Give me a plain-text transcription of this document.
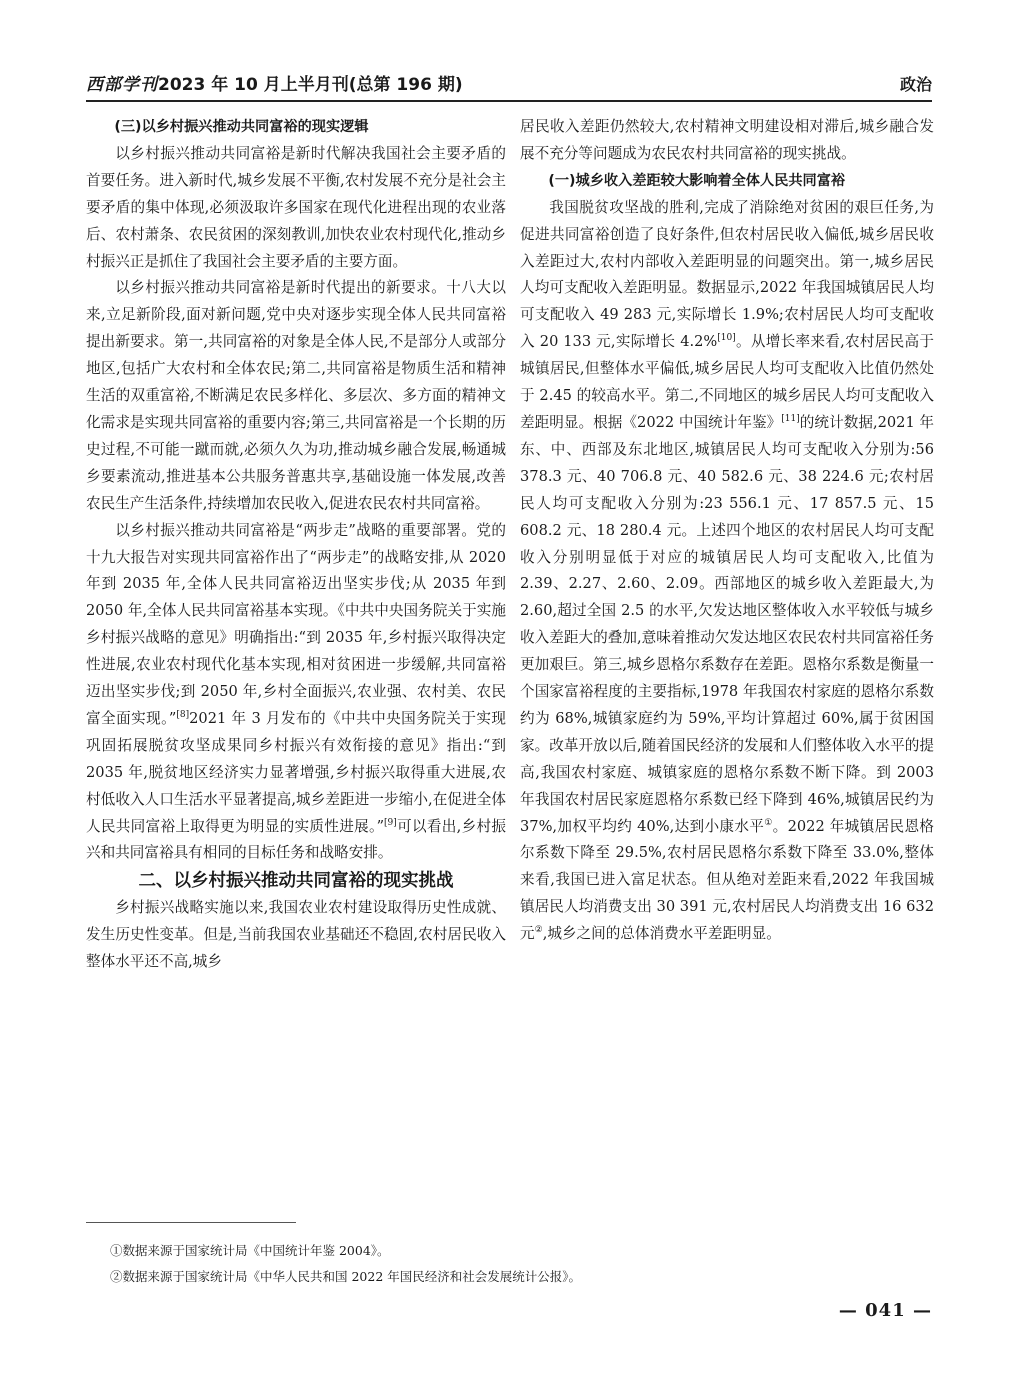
西部学刊2023 年 10 月上半月刊(总第 196 期)	政治
(三)以乡村振兴推动共同富裕的现实逻辑

以乡村振兴推动共同富裕是新时代解决我国社会主要矛盾的首要任务。进入新时代,城乡发展不平衡,农村发展不充分是社会主要矛盾的集中体现,必须汲取许多国家在现代化进程出现的农业落后、农村萧条、农民贫困的深刻教训,加快农业农村现代化,推动乡村振兴正是抓住了我国社会主要矛盾的主要方面。

以乡村振兴推动共同富裕是新时代提出的新要求。十八大以来,立足新阶段,面对新问题,党中央对逐步实现全体人民共同富裕提出新要求。第一,共同富裕的对象是全体人民,不是部分人或部分地区,包括广大农村和全体农民;第二,共同富裕是物质生活和精神生活的双重富裕,不断满足农民多样化、多层次、多方面的精神文化需求是实现共同富裕的重要内容;第三,共同富裕是一个长期的历史过程,不可能一蹴而就,必须久久为功,推动城乡融合发展,畅通城乡要素流动,推进基本公共服务普惠共享,基础设施一体发展,改善农民生产生活条件,持续增加农民收入,促进农民农村共同富裕。

以乡村振兴推动共同富裕是“两步走”战略的重要部署。党的十九大报告对实现共同富裕作出了“两步走”的战略安排,从 2020 年到 2035 年,全体人民共同富裕迈出坚实步伐;从 2035 年到 2050 年,全体人民共同富裕基本实现。《中共中央国务院关于实施乡村振兴战略的意见》明确指出:“到 2035 年,乡村振兴取得决定性进展,农业农村现代化基本实现,相对贫困进一步缓解,共同富裕迈出坚实步伐;到 2050 年,乡村全面振兴,农业强、农村美、农民富全面实现。”[8]2021 年 3 月发布的《中共中央国务院关于实现巩固拓展脱贫攻坚成果同乡村振兴有效衔接的意见》指出:“到 2035 年,脱贫地区经济实力显著增强,乡村振兴取得重大进展,农村低收入人口生活水平显著提高,城乡差距进一步缩小,在促进全体人民共同富裕上取得更为明显的实质性进展。”[9]可以看出,乡村振兴和共同富裕具有相同的目标任务和战略安排。

二、以乡村振兴推动共同富裕的现实挑战

乡村振兴战略实施以来,我国农业农村建设取得历史性成就、发生历史性变革。但是,当前我国农业基础还不稳固,农村居民收入整体水平还不高,城乡

居民收入差距仍然较大,农村精神文明建设相对滞后,城乡融合发展不充分等问题成为农民农村共同富裕的现实挑战。

(一)城乡收入差距较大影响着全体人民共同富裕

我国脱贫攻坚战的胜利,完成了消除绝对贫困的艰巨任务,为促进共同富裕创造了良好条件,但农村居民收入偏低,城乡居民收入差距过大,农村内部收入差距明显的问题突出。第一,城乡居民人均可支配收入差距明显。数据显示,2022 年我国城镇居民人均可支配收入 49 283 元,实际增长 1.9%;农村居民人均可支配收入 20 133 元,实际增长 4.2%[10]。从增长率来看,农村居民高于城镇居民,但整体水平偏低,城乡居民人均可支配收入比值仍然处于 2.45 的较高水平。第二,不同地区的城乡居民人均可支配收入差距明显。根据《2022 中国统计年鉴》[11]的统计数据,2021 年东、中、西部及东北地区,城镇居民人均可支配收入分别为:56 378.3 元、40 706.8 元、40 582.6 元、38 224.6 元;农村居民人均可支配收入分别为:23 556.1 元、17 857.5 元、15 608.2 元、18 280.4 元。上述四个地区的农村居民人均可支配收入分别明显低于对应的城镇居民人均可支配收入,比值为 2.39、2.27、2.60、2.09。西部地区的城乡收入差距最大,为 2.60,超过全国 2.5 的水平,欠发达地区整体收入水平较低与城乡收入差距大的叠加,意味着推动欠发达地区农民农村共同富裕任务更加艰巨。第三,城乡恩格尔系数存在差距。恩格尔系数是衡量一个国家富裕程度的主要指标,1978 年我国农村家庭的恩格尔系数约为 68%,城镇家庭约为 59%,平均计算超过 60%,属于贫困国家。改革开放以后,随着国民经济的发展和人们整体收入水平的提高,我国农村家庭、城镇家庭的恩格尔系数不断下降。到 2003 年我国农村居民家庭恩格尔系数已经下降到 46%,城镇居民约为 37%,加权平均约 40%,达到小康水平①。2022 年城镇居民恩格尔系数下降至 29.5%,农村居民恩格尔系数下降至 33.0%,整体来看,我国已进入富足状态。但从绝对差距来看,2022 年我国城镇居民人均消费支出 30 391 元,农村居民人均消费支出 16 632 元②,城乡之间的总体消费水平差距明显。

①数据来源于国家统计局《中国统计年鉴 2004》。
②数据来源于国家统计局《中华人民共和国 2022 年国民经济和社会发展统计公报》。
— 041 —
